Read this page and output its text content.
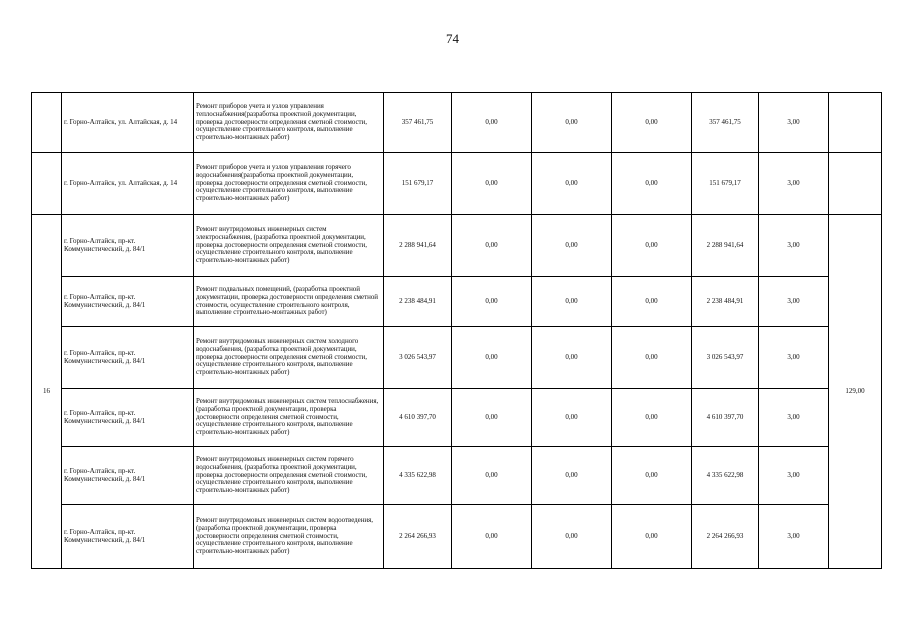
74
	г. Горно-Алтайск, ул. Алтайская, д. 14	Ремонт приборов учета и узлов управления теплоснабжения(разработка проектной документации, проверка достоверности определения сметной стоимости, осуществление строительного контроля, выполнение строительно-монтажных работ)	357 461,75	0,00	0,00	0,00	357 461,75	3,00	
	г. Горно-Алтайск, ул. Алтайская, д. 14	Ремонт приборов учета и узлов управления горячего водоснабжения(разработка проектной документации, проверка достоверности определения сметной стоимости, осуществление строительного контроля, выполнение строительно-монтажных работ)	151 679,17	0,00	0,00	0,00	151 679,17	3,00	
16	г. Горно-Алтайск, пр-кт. Коммунистический, д. 84/1	Ремонт внутридомовых инженерных систем электроснабжения, (разработка проектной документации, проверка достоверности определения сметной стоимости, осуществление строительного контроля, выполнение строительно-монтажных работ)	2 288 941,64	0,00	0,00	0,00	2 288 941,64	3,00	129,00
	г. Горно-Алтайск, пр-кт. Коммунистический, д. 84/1	Ремонт подвальных помещений, (разработка проектной документации, проверка достоверности определения сметной стоимости, осуществление строительного контроля, выполнение строительно-монтажных работ)	2 238 484,91	0,00	0,00	0,00	2 238 484,91	3,00	
	г. Горно-Алтайск, пр-кт. Коммунистический, д. 84/1	Ремонт внутридомовых инженерных систем холодного водоснабжения, (разработка проектной документации, проверка достоверности определения сметной стоимости, осуществление строительного контроля, выполнение строительно-монтажных работ)	3 026 543,97	0,00	0,00	0,00	3 026 543,97	3,00	
	г. Горно-Алтайск, пр-кт. Коммунистический, д. 84/1	Ремонт внутридомовых инженерных систем теплоснабжения, (разработка проектной документации, проверка достоверности определения сметной стоимости, осуществление строительного контроля, выполнение строительно-монтажных работ)	4 610 397,70	0,00	0,00	0,00	4 610 397,70	3,00	
	г. Горно-Алтайск, пр-кт. Коммунистический, д. 84/1	Ремонт внутридомовых инженерных систем горячего водоснабжения, (разработка проектной документации, проверка достоверности определения сметной стоимости, осуществление строительного контроля, выполнение строительно-монтажных работ)	4 335 622,98	0,00	0,00	0,00	4 335 622,98	3,00	
	г. Горно-Алтайск, пр-кт. Коммунистический, д. 84/1	Ремонт внутридомовых инженерных систем водоотведения, (разработка проектной документации, проверка достоверности определения сметной стоимости, осуществление строительного контроля, выполнение строительно-монтажных работ)	2 264 266,93	0,00	0,00	0,00	2 264 266,93	3,00	
